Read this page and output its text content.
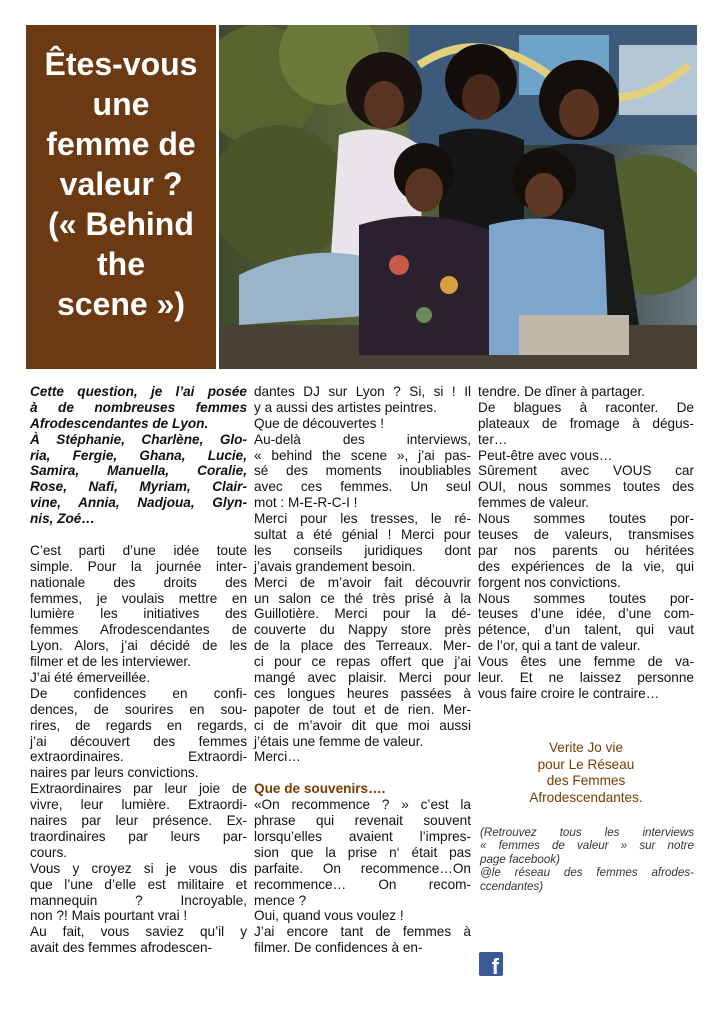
Êtes-vous
une
femme de
valeur ?
(« Behind
the
scene »)
Cette question, je l’ai posée
à de nombreuses femmes
Afrodescendantes de Lyon.
À Stéphanie, Charlène, Glo-
ria, Fergie, Ghana, Lucie,
Samira, Manuella, Coralie,
Rose, Nafi, Myriam, Clair-
vine, Annia, Nadjoua, Glyn-
nis, Zoé…
C’est parti d’une idée toute
simple. Pour la journée inter-
nationale des droits des
femmes, je voulais mettre en
lumière les initiatives des
femmes Afrodescendantes de
Lyon. Alors, j’ai décidé de les
filmer et de les interviewer.
J’ai été émerveillée.
De confidences en confi-
dences, de sourires en sou-
rires, de regards en regards,
j’ai découvert des femmes
extraordinaires. Extraordi-
naires par leurs convictions.
Extraordinaires par leur joie de
vivre, leur lumière. Extraordi-
naires par leur présence. Ex-
traordinaires par leurs par-
cours.
Vous y croyez si je vous dis
que l’une d’elle est militaire et
mannequin ? Incroyable,
non ?! Mais pourtant vrai !
Au fait, vous saviez qu’il y
avait des femmes afrodescen-
dantes DJ sur Lyon ? Si, si ! Il
y a aussi des artistes peintres.
Que de découvertes !
Au-delà des interviews,
« behind the scene », j’ai pas-
sé des moments inoubliables
avec ces femmes. Un seul
mot : M-E-R-C-I !
Merci pour les tresses, le ré-
sultat a été génial ! Merci pour
les conseils juridiques dont
j’avais grandement besoin.
Merci de m’avoir fait découvrir
un salon ce thé très prisé à la
Guillotière. Merci pour la dé-
couverte du Nappy store près
de la place des Terreaux. Mer-
ci pour ce repas offert que j’ai
mangé avec plaisir. Merci pour
ces longues heures passées à
papoter de tout et de rien. Mer-
ci de m’avoir dit que moi aussi
j’étais une femme de valeur.
Merci…
Que de souvenirs….
«On recommence ? » c’est la
phrase qui revenait souvent
lorsqu’elles avaient l’impres-
sion que la prise n‘ était pas
parfaite. On recommence…On
recommence… On recom-
mence ?
Oui, quand vous voulez !
J’ai encore tant de femmes à
filmer. De confidences à en-
tendre. De dîner à partager.
De blagues à raconter. De
plateaux de fromage à dégus-
ter…
Peut-être avec vous…
Sûrement avec VOUS car
OUI, nous sommes toutes des
femmes de valeur.
Nous sommes toutes por-
teuses de valeurs, transmises
par nos parents ou héritées
des expériences de la vie, qui
forgent nos convictions.
Nous sommes toutes por-
teuses d’une idée, d’une com-
pétence, d’un talent, qui vaut
de l’or, qui a tant de valeur.
Vous êtes une femme de va-
leur. Et ne laissez personne
vous faire croire le contraire…
Verite Jo vie
pour Le Réseau
des Femmes
Afrodescendantes.
(Retrouvez tous les interviews
« femmes de valeur » sur notre
page facebook)
@le réseau des femmes afrodes-
ccendantes)
f
